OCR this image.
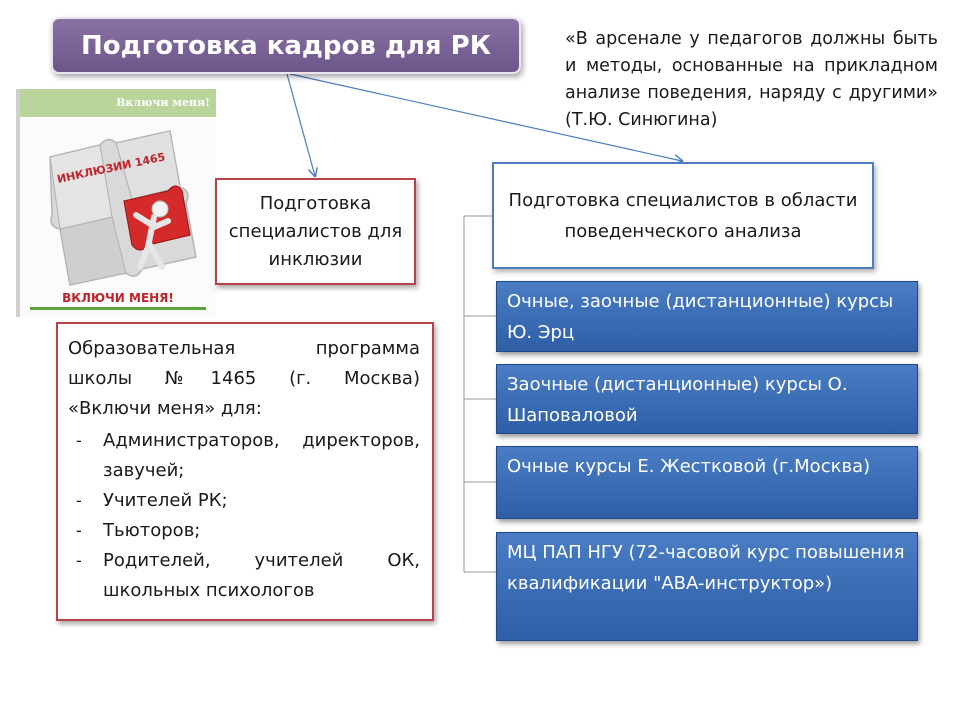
Подготовка кадров для РК	«В арсенале у педагогов должны быть и методы, основанные на прикладном анализе поведения, наряду с другими» (Т.Ю. Синюгина)
Включи меня!
ИНКЛЮЗИИ 1465
ВКЛЮЧИ МЕНЯ!
Подготовка специалистов для инклюзии

Образовательная программа
школы №1465 (г. Москва)

«Включи меня» для:

- Администраторов, директоров, завучей;
- Учителей РК;
- Тьюторов;
- Родителей, учителей ОК, школьных психологов
Подготовка специалистов в области поведенческого анализа
Очные, заочные (дистанционные) курсы Ю. Эрц
Заочные (дистанционные) курсы О. Шаповаловой
Очные курсы Е. Жестковой (г.Москва)
МЦ ПАП НГУ (72-часовой курс повышения квалификации "ABA-инструктор»)
